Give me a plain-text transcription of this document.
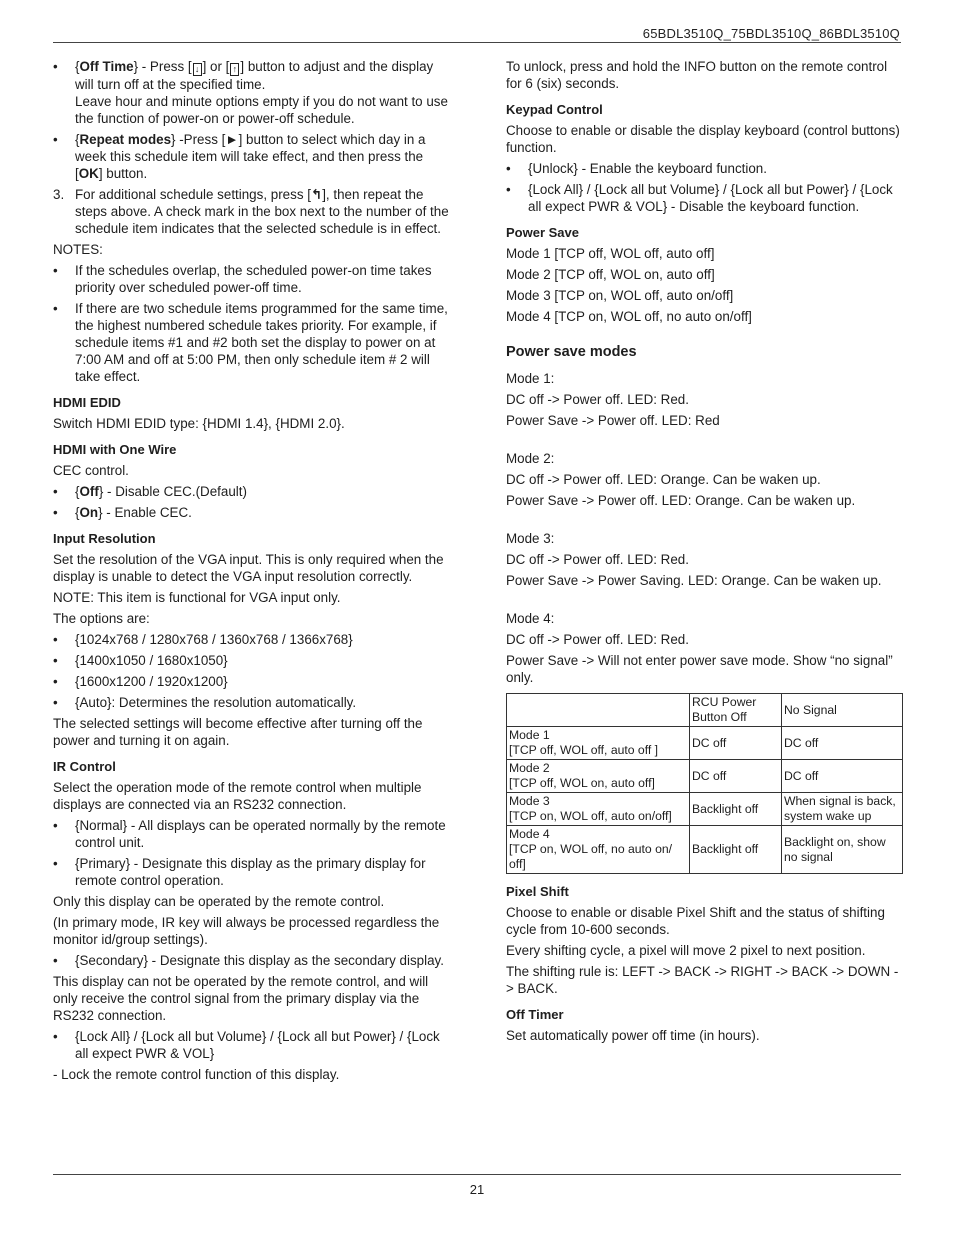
65BDL3510Q_75BDL3510Q_86BDL3510Q
• {Off Time} - Press [ ↓ ] or [ ↑ ] button to adjust and the display will turn off at the specified time.
Leave hour and minute options empty if you do not want to use the function of power-on or power-off schedule.
• {Repeat modes} -Press [►] button to select which day in a week this schedule item will take effect, and then press the [OK] button.
3. For additional schedule settings, press [↰], then repeat the steps above. A check mark in the box next to the number of the schedule item indicates that the selected schedule is in effect.

NOTES:

• If the schedules overlap, the scheduled power-on time takes priority over scheduled power-off time.
• If there are two schedule items programmed for the same time, the highest numbered schedule takes priority. For example, if schedule items #1 and #2 both set the display to power on at 7:00 AM and off at 5:00 PM, then only schedule item # 2 will take effect.

HDMI EDID

Switch HDMI EDID type: {HDMI 1.4}, {HDMI 2.0}.

HDMI with One Wire

CEC control.

• {Off} - Disable CEC.(Default)
• {On} - Enable CEC.

Input Resolution

Set the resolution of the VGA input. This is only required when the display is unable to detect the VGA input resolution correctly.

NOTE: This item is functional for VGA input only.

The options are:

• {1024x768 / 1280x768 / 1360x768 / 1366x768}
• {1400x1050 / 1680x1050}
• {1600x1200 / 1920x1200}
• {Auto}: Determines the resolution automatically.

The selected settings will become effective after turning off the power and turning it on again.

IR Control

Select the operation mode of the remote control when multiple displays are connected via an RS232 connection.

• {Normal} - All displays can be operated normally by the remote control unit.
• {Primary} - Designate this display as the primary display for remote control operation.

Only this display can be operated by the remote control.

(In primary mode, IR key will always be processed regardless the monitor id/group settings).

• {Secondary} - Designate this display as the secondary display.

This display can not be operated by the remote control, and will only receive the control signal from the primary display via the RS232 connection.

• {Lock All} / {Lock all but Volume} / {Lock all but Power} / {Lock all expect PWR & VOL}

- Lock the remote control function of this display.

To unlock, press and hold the INFO button on the remote control for 6 (six) seconds.

Keypad Control

Choose to enable or disable the display keyboard (control buttons) function.

• {Unlock} - Enable the keyboard function.
• {Lock All} / {Lock all but Volume} / {Lock all but Power} / {Lock all expect PWR & VOL} - Disable the keyboard function.

Power Save

Mode 1 [TCP off, WOL off, auto off]

Mode 2 [TCP off, WOL on, auto off]

Mode 3 [TCP on, WOL off, auto on/off]

Mode 4 [TCP on, WOL off, no auto on/off]

Power save modes

Mode 1:

DC off -> Power off. LED: Red.

Power Save -> Power off. LED: Red

Mode 2:

DC off -> Power off. LED: Orange. Can be waken up.

Power Save -> Power off. LED: Orange. Can be waken up.

Mode 3:

DC off -> Power off. LED: Red.

Power Save -> Power Saving. LED: Orange. Can be waken up.

Mode 4:

DC off -> Power off. LED: Red.

Power Save -> Will not enter power save mode. Show “no signal” only.

	RCU Power Button Off	No Signal
Mode 1
[TCP off, WOL off, auto off ]	DC off	DC off
Mode 2
[TCP off, WOL on, auto off]	DC off	DC off
Mode 3
[TCP on, WOL off, auto on/off]	Backlight off	When signal is back, system wake up
Mode 4
[TCP on, WOL off, no auto on/ off]	Backlight off	Backlight on, show no signal

Pixel Shift

Choose to enable or disable Pixel Shift and the status of shifting cycle from 10-600 seconds.

Every shifting cycle, a pixel will move 2 pixel to next position.

The shifting rule is: LEFT -> BACK -> RIGHT -> BACK -> DOWN -> BACK.

Off Timer

Set automatically power off time (in hours).

21
